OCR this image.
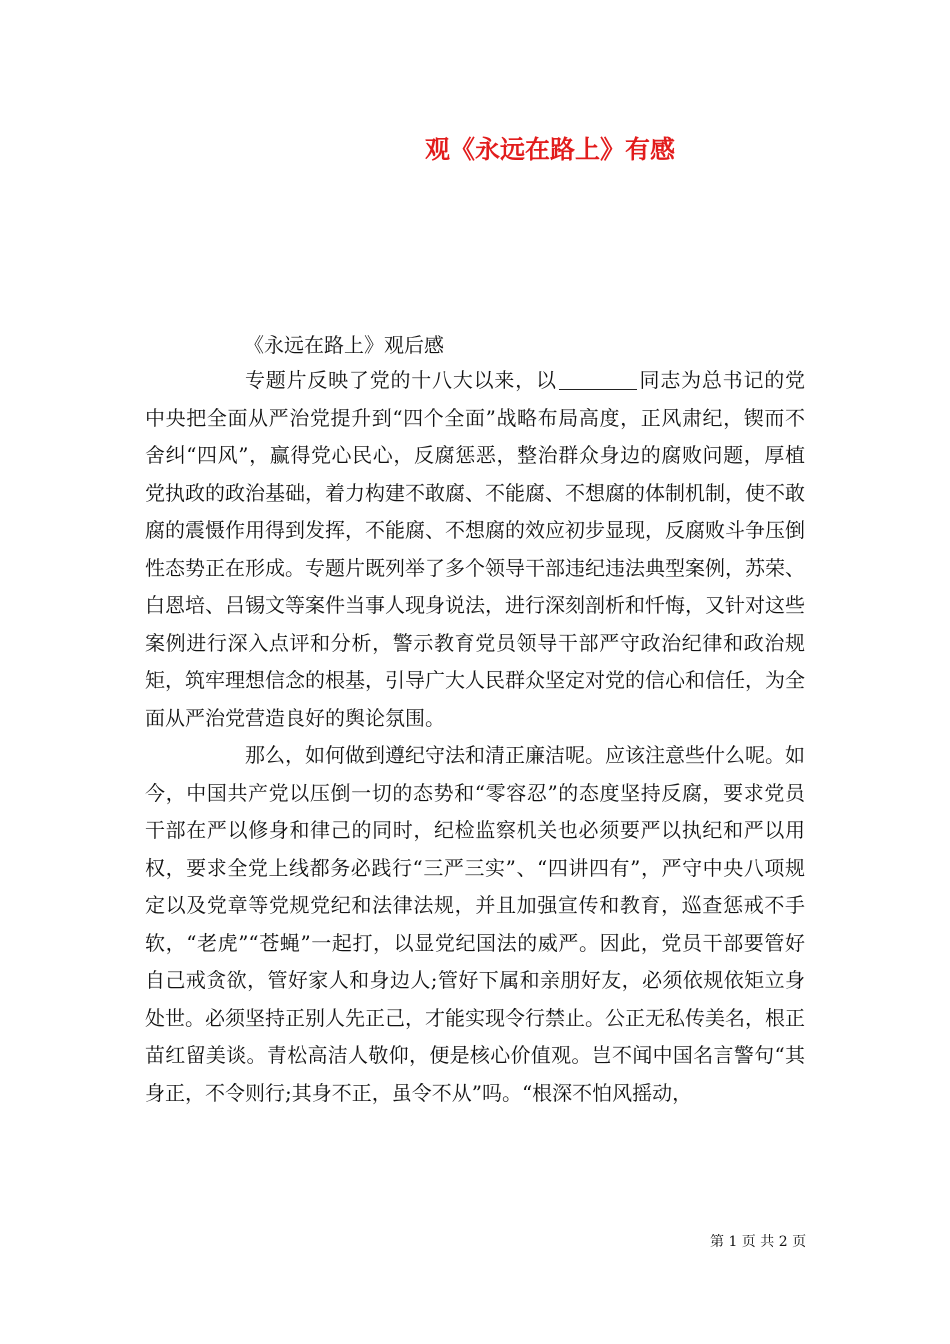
观《永远在路上》有感
《永远在路上》观后感

专题片反映了党的十八大以来，以	同志为总书记的党中央把全面从严治党提升到“四个全面”战略布局高度，正风肃纪，锲而不舍纠“四风”，赢得党心民心，反腐惩恶，整治群众身边的腐败问题，厚植党执政的政治基础，着力构建不敢腐、不能腐、不想腐的体制机制，使不敢腐的震慑作用得到发挥，不能腐、不想腐的效应初步显现，反腐败斗争压倒性态势正在形成。专题片既列举了多个领导干部违纪违法典型案例，苏荣、白恩培、吕锡文等案件当事人现身说法，进行深刻剖析和忏悔，又针对这些案例进行深入点评和分析，警示教育党员领导干部严守政治纪律和政治规矩，筑牢理想信念的根基，引导广大人民群众坚定对党的信心和信任，为全面从严治党营造良好的舆论氛围。

那么，如何做到遵纪守法和清正廉洁呢。应该注意些什么呢。如今，中国共产党以压倒一切的态势和“零容忍”的态度坚持反腐，要求党员干部在严以修身和律己的同时，纪检监察机关也必须要严以执纪和严以用权，要求全党上线都务必践行“三严三实”、“四讲四有”，严守中央八项规定以及党章等党规党纪和法律法规，并且加强宣传和教育，巡查惩戒不手软，“老虎”“苍蝇”一起打，以显党纪国法的威严。因此，党员干部要管好自己戒贪欲，管好家人和身边人;管好下属和亲朋好友，必须依规依矩立身处世。必须坚持正别人先正己，才能实现令行禁止。公正无私传美名，根正苗红留美谈。青松高洁人敬仰，便是核心价值观。岂不闻中国名言警句“其身正，不令则行;其身不正，虽令不从”吗。“根深不怕风摇动，

第 1 页 共 2 页
